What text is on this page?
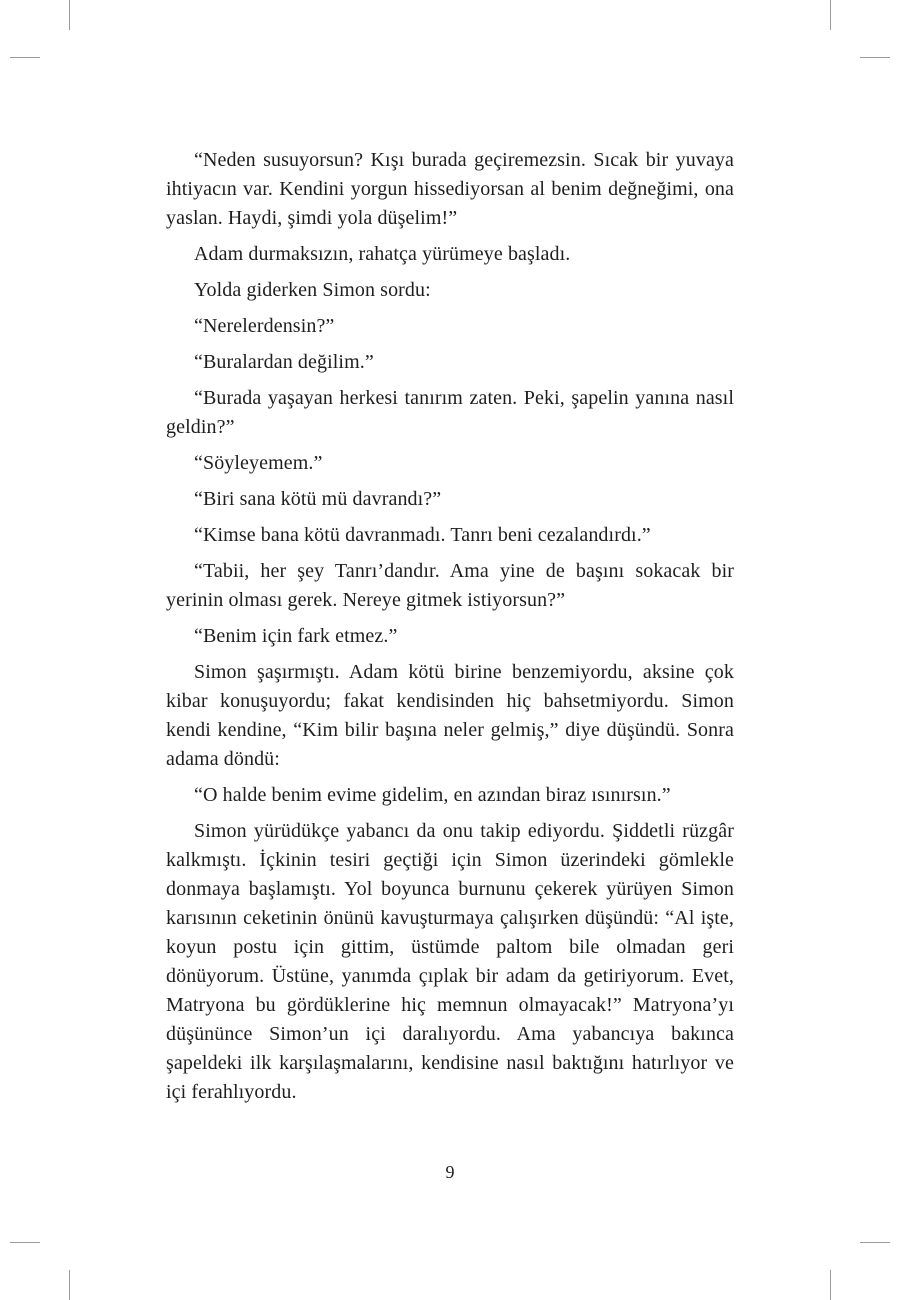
“Neden susuyorsun? Kışı burada geçiremezsin. Sıcak bir yuvaya ihtiyacın var. Kendini yorgun hissediyorsan al benim değneğimi, ona yaslan. Haydi, şimdi yola düşelim!”

Adam durmaksızın, rahatça yürümeye başladı.

Yolda giderken Simon sordu:

“Nerelerdensin?”

“Buralardan değilim.”

“Burada yaşayan herkesi tanırım zaten. Peki, şapelin yanına nasıl geldin?”

“Söyleyemem.”

“Biri sana kötü mü davrandı?”

“Kimse bana kötü davranmadı. Tanrı beni cezalandırdı.”

“Tabii, her şey Tanrı’dandır. Ama yine de başını sokacak bir yerinin olması gerek. Nereye gitmek istiyorsun?”

“Benim için fark etmez.”

Simon şaşırmıştı. Adam kötü birine benzemiyordu, aksine çok kibar konuşuyordu; fakat kendisinden hiç bahsetmiyordu. Simon kendi kendine, “Kim bilir başına neler gelmiş,” diye düşündü. Sonra adama döndü:

“O halde benim evime gidelim, en azından biraz ısınırsın.”

Simon yürüdükçe yabancı da onu takip ediyordu. Şiddetli rüzgâr kalkmıştı. İçkinin tesiri geçtiği için Simon üzerindeki gömlekle donmaya başlamıştı. Yol boyunca burnunu çekerek yürüyen Simon karısının ceketinin önünü kavuşturmaya çalışırken düşündü: “Al işte, koyun postu için gittim, üstümde paltom bile olmadan geri dönüyorum. Üstüne, yanımda çıplak bir adam da getiriyorum. Evet, Matryona bu gördüklerine hiç memnun olmayacak!” Matryona’yı düşününce Simon’un içi daralıyordu. Ama yabancıya bakınca şapeldeki ilk karşılaşmalarını, kendisine nasıl baktığını hatırlıyor ve içi ferahlıyordu.

9
